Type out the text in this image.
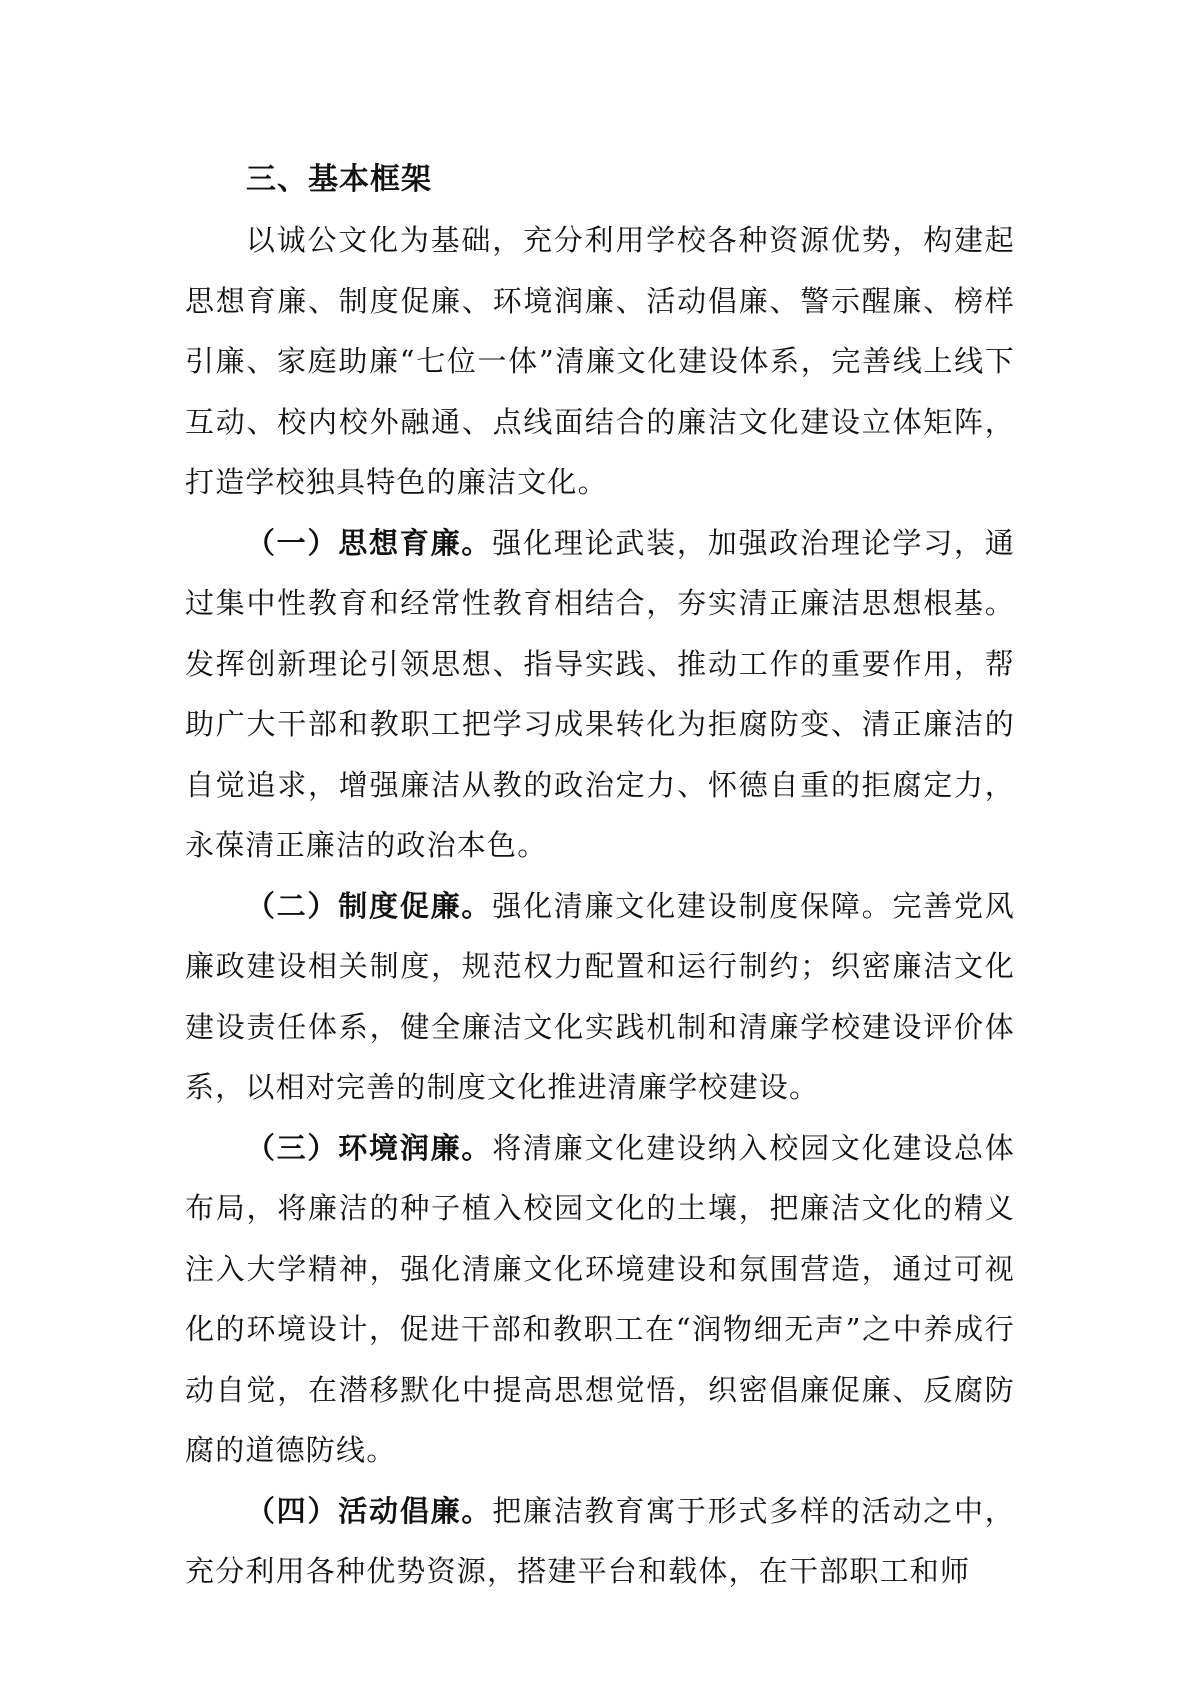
三、基本框架

以诚公文化为基础，充分利用学校各种资源优势，构建起思想育廉、制度促廉、环境润廉、活动倡廉、警示醒廉、榜样引廉、家庭助廉“七位一体”清廉文化建设体系，完善线上线下互动、校内校外融通、点线面结合的廉洁文化建设立体矩阵，打造学校独具特色的廉洁文化。

（一）思想育廉。强化理论武装，加强政治理论学习，通过集中性教育和经常性教育相结合，夯实清正廉洁思想根基。发挥创新理论引领思想、指导实践、推动工作的重要作用，帮助广大干部和教职工把学习成果转化为拒腐防变、清正廉洁的自觉追求，增强廉洁从教的政治定力、怀德自重的拒腐定力，永葆清正廉洁的政治本色。

（二）制度促廉。强化清廉文化建设制度保障。完善党风廉政建设相关制度，规范权力配置和运行制约；织密廉洁文化建设责任体系，健全廉洁文化实践机制和清廉学校建设评价体系，以相对完善的制度文化推进清廉学校建设。

（三）环境润廉。将清廉文化建设纳入校园文化建设总体布局，将廉洁的种子植入校园文化的土壤，把廉洁文化的精义注入大学精神，强化清廉文化环境建设和氛围营造，通过可视化的环境设计，促进干部和教职工在“润物细无声”之中养成行动自觉，在潜移默化中提高思想觉悟，织密倡廉促廉、反腐防腐的道德防线。

（四）活动倡廉。把廉洁教育寓于形式多样的活动之中，充分利用各种优势资源，搭建平台和载体，在干部职工和师
